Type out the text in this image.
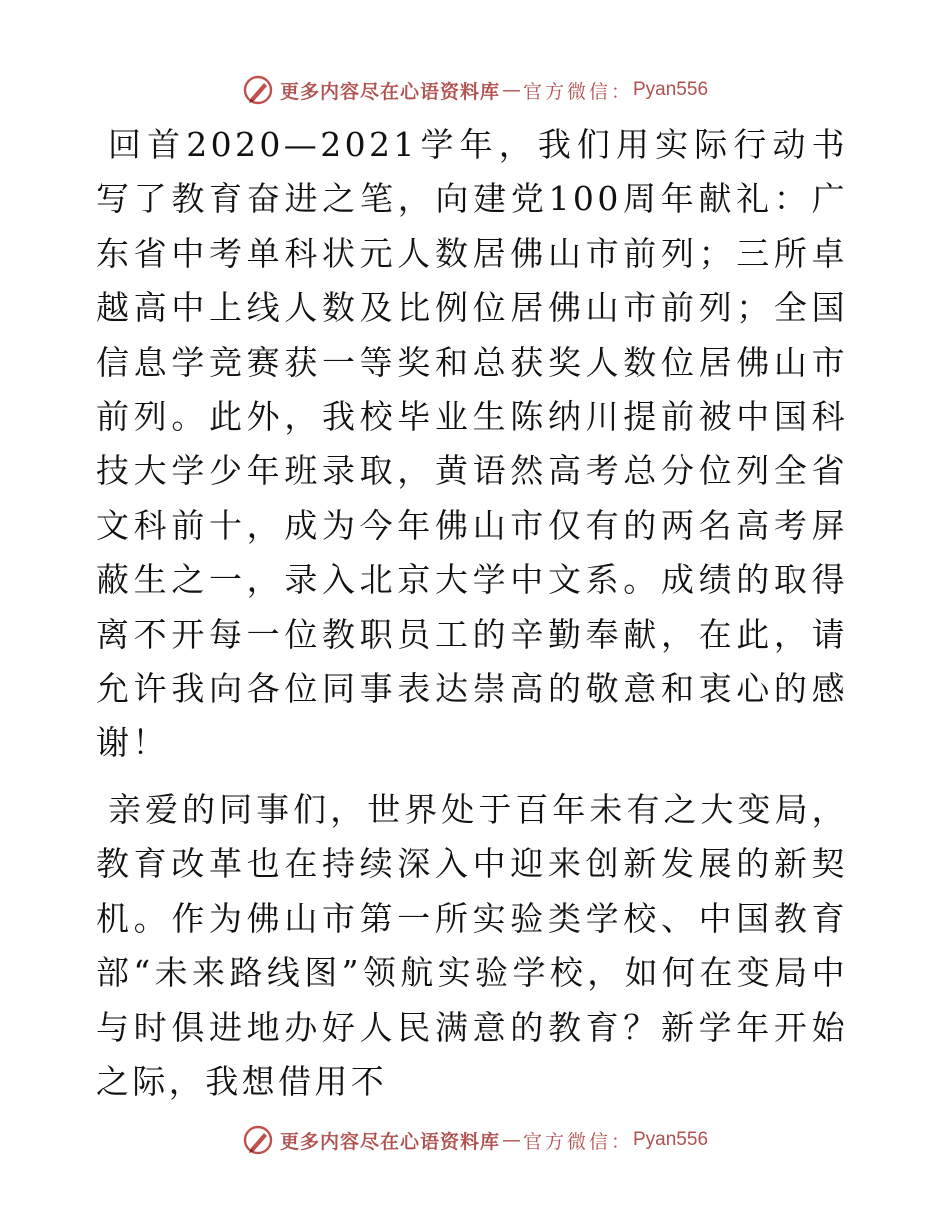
更多内容尽在心语资料库 — 官方微信： Pyan556

回首2020—2021学年，我们用实际行动书写了教育奋进之笔，向建党100周年献礼：广东省中考单科状元人数居佛山市前列；三所卓越高中上线人数及比例位居佛山市前列；全国信息学竞赛获一等奖和总获奖人数位居佛山市前列。此外，我校毕业生陈纳川提前被中国科技大学少年班录取，黄语然高考总分位列全省文科前十，成为今年佛山市仅有的两名高考屏蔽生之一，录入北京大学中文系。成绩的取得离不开每一位教职员工的辛勤奉献，在此，请允许我向各位同事表达崇高的敬意和衷心的感谢！

亲爱的同事们，世界处于百年未有之大变局，教育改革也在持续深入中迎来创新发展的新契机。作为佛山市第一所实验类学校、中国教育部“未来路线图”领航实验学校，如何在变局中与时俱进地办好人民满意的教育？新学年开始之际，我想借用不

更多内容尽在心语资料库 — 官方微信： Pyan556
